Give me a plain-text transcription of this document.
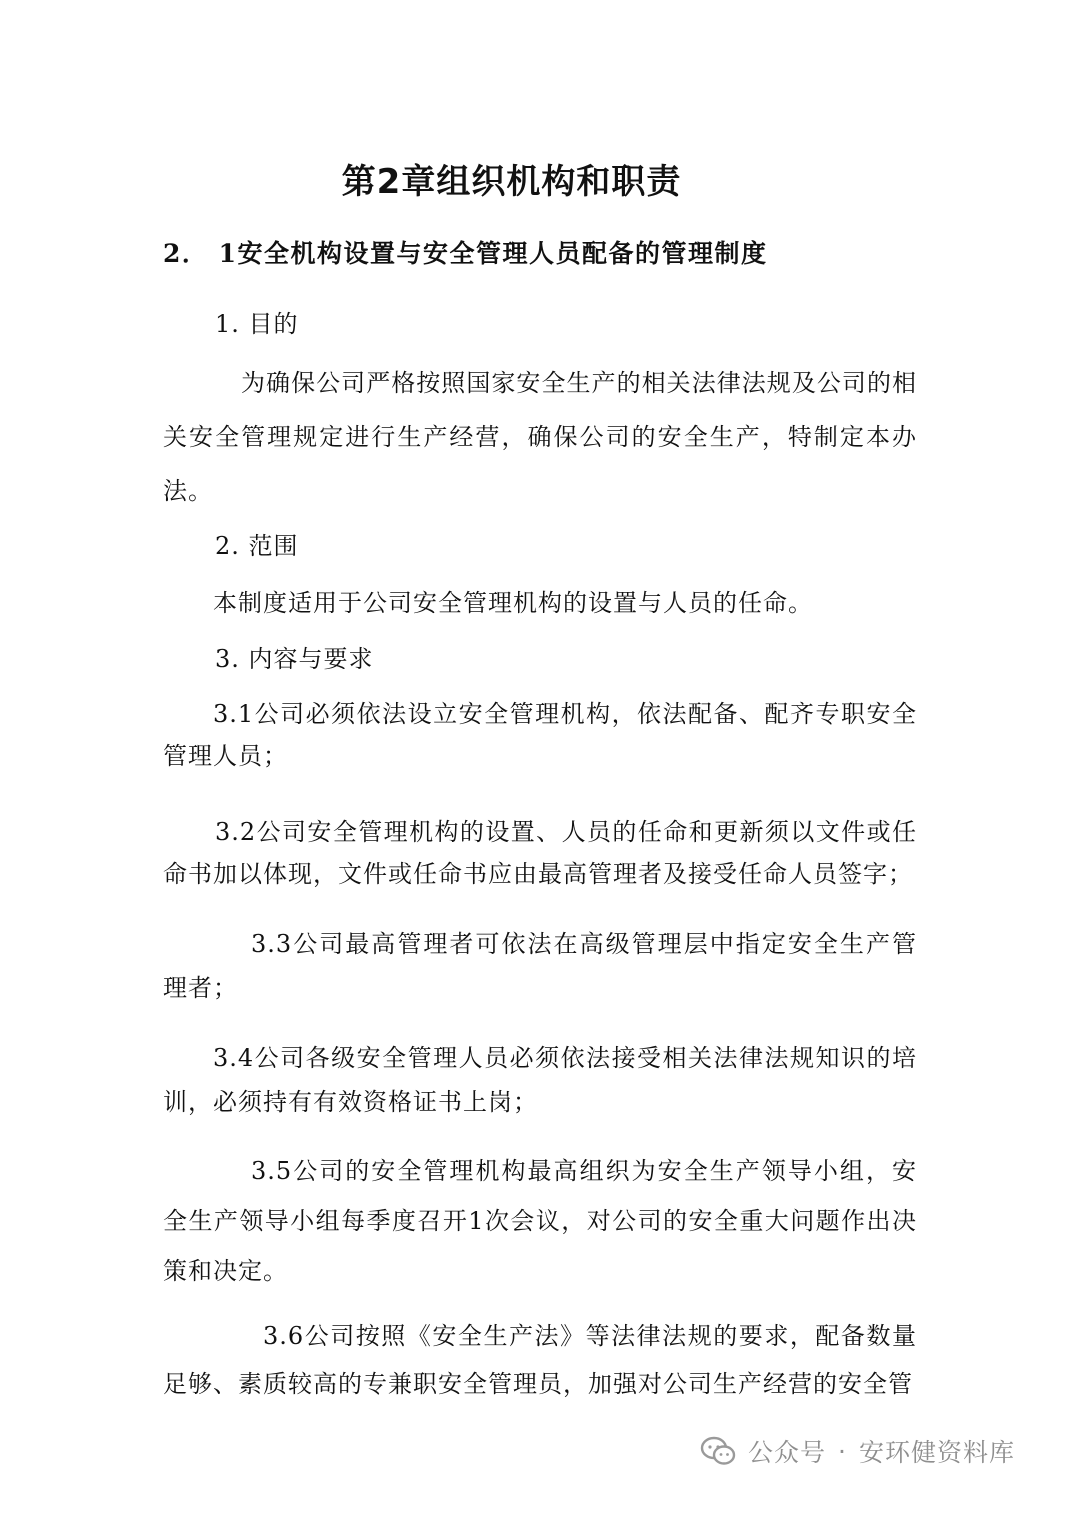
第2章组织机构和职责
2． 1安全机构设置与安全管理人员配备的管理制度

1. 目的

为确保公司严格按照国家安全生产的相关法律法规及公司的相关安全管理规定进行生产经营，确保公司的安全生产，特制定本办法。

2. 范围

本制度适用于公司安全管理机构的设置与人员的任命。

3. 内容与要求

3.1公司必须依法设立安全管理机构，依法配备、配齐专职安全管理人员；

3.2公司安全管理机构的设置、人员的任命和更新须以文件或任命书加以体现，文件或任命书应由最高管理者及接受任命人员签字；

3.3公司最高管理者可依法在高级管理层中指定安全生产管理者；

3.4公司各级安全管理人员必须依法接受相关法律法规知识的培训，必须持有有效资格证书上岗；

3.5公司的安全管理机构最高组织为安全生产领导小组，安全生产领导小组每季度召开1次会议，对公司的安全重大问题作出决策和决定。

3.6公司按照《安全生产法》等法律法规的要求，配备数量足够、素质较高的专兼职安全管理员，加强对公司生产经营的安全管

公众号 · 安环健资料库
